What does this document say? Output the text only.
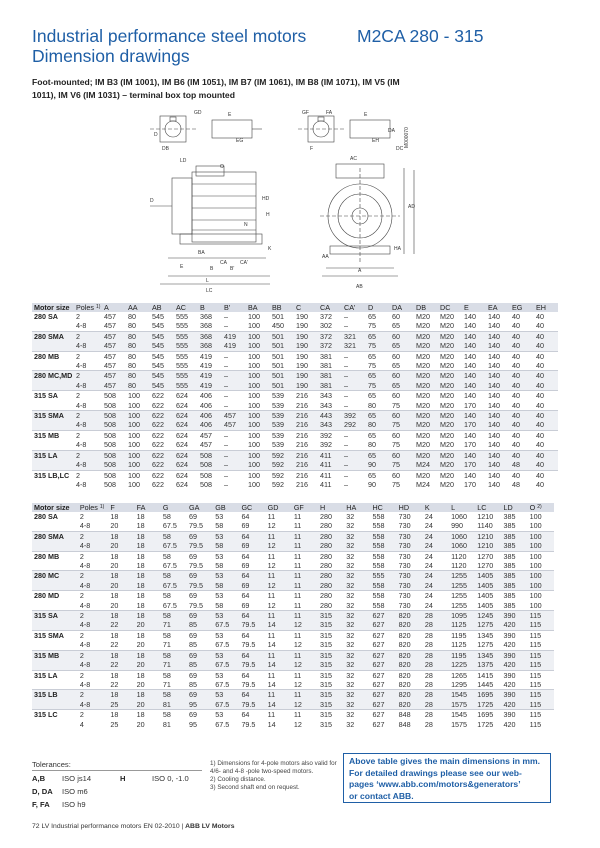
Industrial performance steel motors
Dimension drawings
M2CA 280 - 315
Foot-mounted; IM B3 (IM 1001), IM B6 (IM 1051), IM B7 (IM 1061), IM B8 (IM 1071), IM V5 (IM 1011), IM V6 (IM 1031) – terminal box top mounted
D
DB
GD	E
EG
GF
F
FA	E
EH
DA
DC
LD
O
D	HD
H
BA
CA	CA'
B	B'
E
L
LC
AC
AA
A
AB
AD
HA
N
K
M000070
Motor size	Poles $^{1)}$	A	AA	AB	AC	B	B'	BA	BB	C	CA	CA'	D	DA	DB	DC	E	EA	EG	EH
280 SA	2	457	80	545	555	368	–	100	501	190	372	–	65	60	M20	M20	140	140	40	40
	4-8	457	80	545	555	368	–	100	450	190	302	–	75	65	M20	M20	140	140	40	40
280 SMA	2	457	80	545	555	368	419	100	501	190	372	321	65	60	M20	M20	140	140	40	40
	4-8	457	80	545	555	368	419	100	501	190	372	321	75	65	M20	M20	140	140	40	40
280 MB	2	457	80	545	555	419	–	100	501	190	381	–	65	60	M20	M20	140	140	40	40
	4-8	457	80	545	555	419	–	100	501	190	381	–	75	65	M20	M20	140	140	40	40
280 MC,MD	2	457	80	545	555	419	–	100	501	190	381	–	65	60	M20	M20	140	140	40	40
	4-8	457	80	545	555	419	–	100	501	190	381	–	75	65	M20	M20	140	140	40	40
315 SA	2	508	100	622	624	406	–	100	539	216	343	–	65	60	M20	M20	140	140	40	40
	4-8	508	100	622	624	406	–	100	539	216	343	–	80	75	M20	M20	170	140	40	40
315 SMA	2	508	100	622	624	406	457	100	539	216	443	392	65	60	M20	M20	140	140	40	40
	4-8	508	100	622	624	406	457	100	539	216	343	292	80	75	M20	M20	170	140	40	40
315 MB	2	508	100	622	624	457	–	100	539	216	392	–	65	60	M20	M20	140	140	40	40
	4-8	508	100	622	624	457	–	100	539	216	392	–	80	75	M20	M20	170	140	40	40
315 LA	2	508	100	622	624	508	–	100	592	216	411	–	65	60	M20	M20	140	140	40	40
	4-8	508	100	622	624	508	–	100	592	216	411	–	90	75	M24	M20	170	140	48	40
315 LB,LC	2	508	100	622	624	508	–	100	592	216	411	–	65	60	M20	M20	140	140	40	40
	4-8	508	100	622	624	508	–	100	592	216	411	–	90	75	M24	M20	170	140	48	40
Motor size	Poles $^{1)}$	F	FA	G	GA	GB	GC	GD	GF	H	HA	HC	HD	K	L	LC	LD	O $^{2)}$
280 SA	2	18	18	58	69	53	64	11	11	280	32	558	730	24	1060	1210	385	100
	4-8	20	18	67.5	79.5	58	69	12	11	280	32	558	730	24	990	1140	385	100
280 SMA	2	18	18	58	69	53	64	11	11	280	32	558	730	24	1060	1210	385	100
	4-8	20	18	67.5	79.5	58	69	12	11	280	32	558	730	24	1060	1210	385	100
280 MB	2	18	18	58	69	53	64	11	11	280	32	558	730	24	1120	1270	385	100
	4-8	20	18	67.5	79.5	58	69	12	11	280	32	558	730	24	1120	1270	385	100
280 MC	2	18	18	58	69	53	64	11	11	280	32	555	730	24	1255	1405	385	100
	4-8	20	18	67.5	79.5	58	69	12	11	280	32	558	730	24	1255	1405	385	100
280 MD	2	18	18	58	69	53	64	11	11	280	32	558	730	24	1255	1405	385	100
	4-8	20	18	67.5	79.5	58	69	12	11	280	32	558	730	24	1255	1405	385	100
315 SA	2	18	18	58	69	53	64	11	11	315	32	627	820	28	1095	1245	390	115
	4-8	22	20	71	85	67.5	79.5	14	12	315	32	627	820	28	1125	1275	420	115
315 SMA	2	18	18	58	69	53	64	11	11	315	32	627	820	28	1195	1345	390	115
	4-8	22	20	71	85	67.5	79.5	14	12	315	32	627	820	28	1125	1275	420	115
315 MB	2	18	18	58	69	53	64	11	11	315	32	627	820	28	1195	1345	390	115
	4-8	22	20	71	85	67.5	79.5	14	12	315	32	627	820	28	1225	1375	420	115
315 LA	2	18	18	58	69	53	64	11	11	315	32	627	820	28	1265	1415	390	115
	4-8	22	20	71	85	67.5	79.5	14	12	315	32	627	820	28	1295	1445	420	115
315 LB	2	18	18	58	69	53	64	11	11	315	32	627	820	28	1545	1695	390	115
	4-8	25	20	81	95	67.5	79.5	14	12	315	32	627	820	28	1575	1725	420	115
315 LC	2	18	18	58	69	53	64	11	11	315	32	627	848	28	1545	1695	390	115
	4	25	20	81	95	67.5	79.5	14	12	315	32	627	848	28	1575	1725	420	115
Tolerances:
A,B ISO js14	H	ISO 0, -1.0
D, DA ISO m6
F, FA ISO h9
1) Dimensions for 4-pole motors also valid for 4/6- and 4-8 -pole two-speed motors.
2) Cooling distance.
3) Second shaft end on request.
Above table gives the main dimensions in mm.
For detailed drawings please see our web-
pages ‘www.abb.com/motors&generators’
or contact ABB.
72 LV Industrial performance motors EN 02-2010 | ABB LV Motors
